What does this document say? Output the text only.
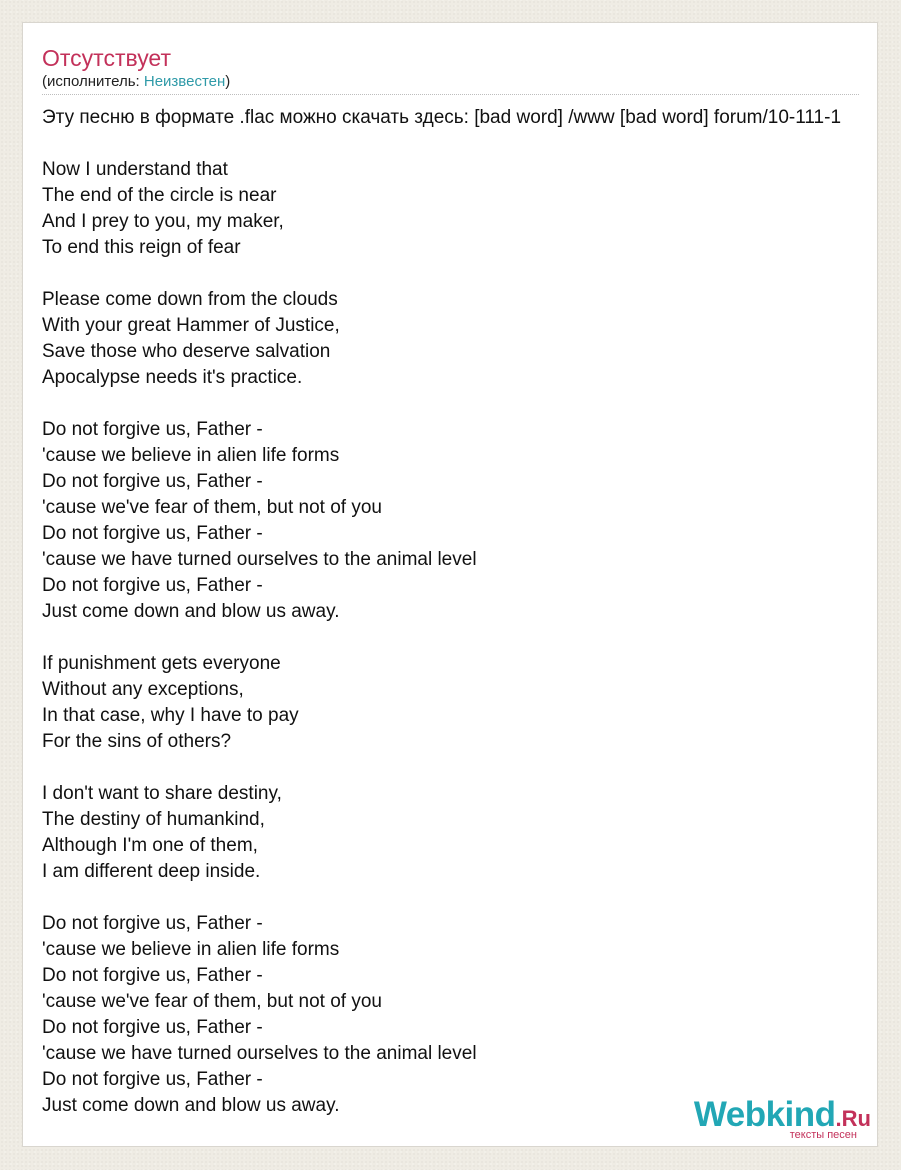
Отсутствует
(исполнитель: Неизвестен)
Эту песню в формате .flac можно скачать здесь: [bad word] /www [bad word] forum/10-111-1
Now I understand that
The end of the circle is near
And I prey to you, my maker,
To end this reign of fear
Please come down from the clouds
With your great Hammer of Justice,
Save those who deserve salvation
Apocalypse needs it's practice.
Do not forgive us, Father -
'cause we believe in alien life forms
Do not forgive us, Father -
'cause we've fear of them, but not of you
Do not forgive us, Father -
'cause we have turned ourselves to the animal level
Do not forgive us, Father -
Just come down and blow us away.
If punishment gets everyone
Without any exceptions,
In that case, why I have to pay
For the sins of others?
I don't want to share destiny,
The destiny of humankind,
Although I'm one of them,
I am different deep inside.
Do not forgive us, Father -
'cause we believe in alien life forms
Do not forgive us, Father -
'cause we've fear of them, but not of you
Do not forgive us, Father -
'cause we have turned ourselves to the animal level
Do not forgive us, Father -
Just come down and blow us away.	Webkind.Ru
тексты песен
